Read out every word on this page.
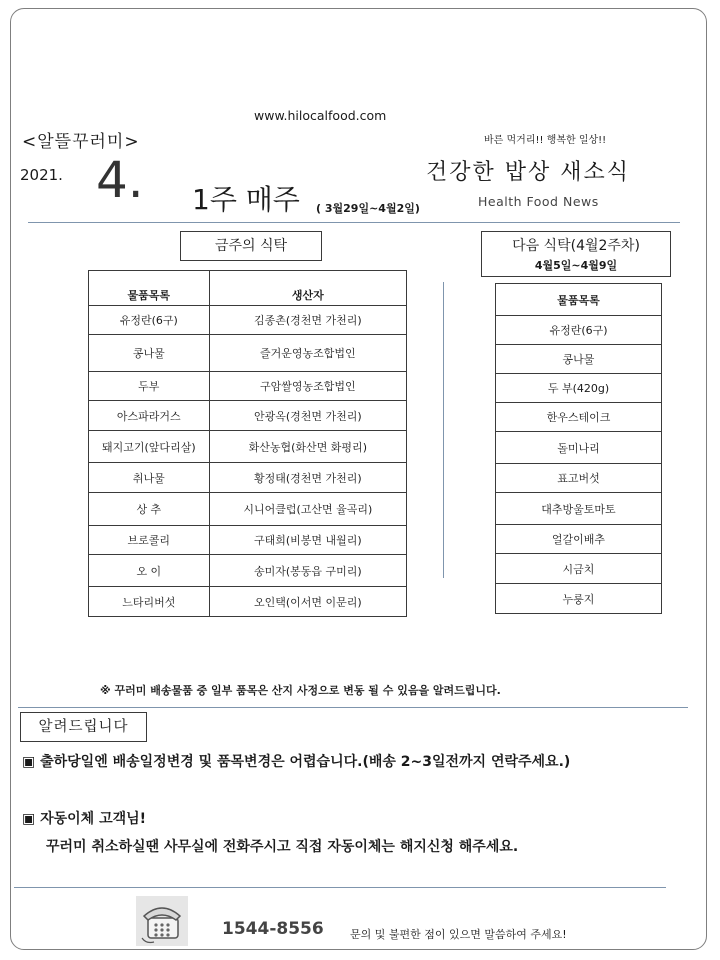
www.hilocalfood.com
<알뜰꾸러미>	바른 먹거리!! 행복한 일상!!
2021. 4. 1주 매주 ( 3월29일~4월2일)
건강한 밥상 새소식
Health Food News
금주의 식탁	다음 식탁(4월2주차)
4월5일~4월9일
물품목록	생산자
유정란(6구)	김종촌(경천면 가천리)
콩나물	즐거운영농조합법인
두부	구암쌀영농조합법인
아스파라거스	안광옥(경천면 가천리)
돼지고기(앞다리살)	화산농협(화산면 화평리)
취나물	황정태(경천면 가천리)
상 추	시니어클럽(고산면 율곡리)
브로콜리	구태희(비봉면 내월리)
오 이	송미자(봉동읍 구미리)
느타리버섯	오인택(이서면 이문리)
물품목록
유정란(6구)
콩나물
두 부(420g)
한우스테이크
돌미나리
표고버섯
대추방울토마토
얼갈이배추
시금치
누룽지
※ 꾸러미 배송물품 중 일부 품목은 산지 사정으로 변동 될 수 있음을 알려드립니다.
알려드립니다
▣ 출하당일엔 배송일정변경 및 품목변경은 어렵습니다.(배송 2~3일전까지 연락주세요.)
▣ 자동이체 고객님!
꾸러미 취소하실땐 사무실에 전화주시고 직접 자동이체는 해지신청 해주세요.
1544-8556 문의 및 불편한 점이 있으면 말씀하여 주세요!
